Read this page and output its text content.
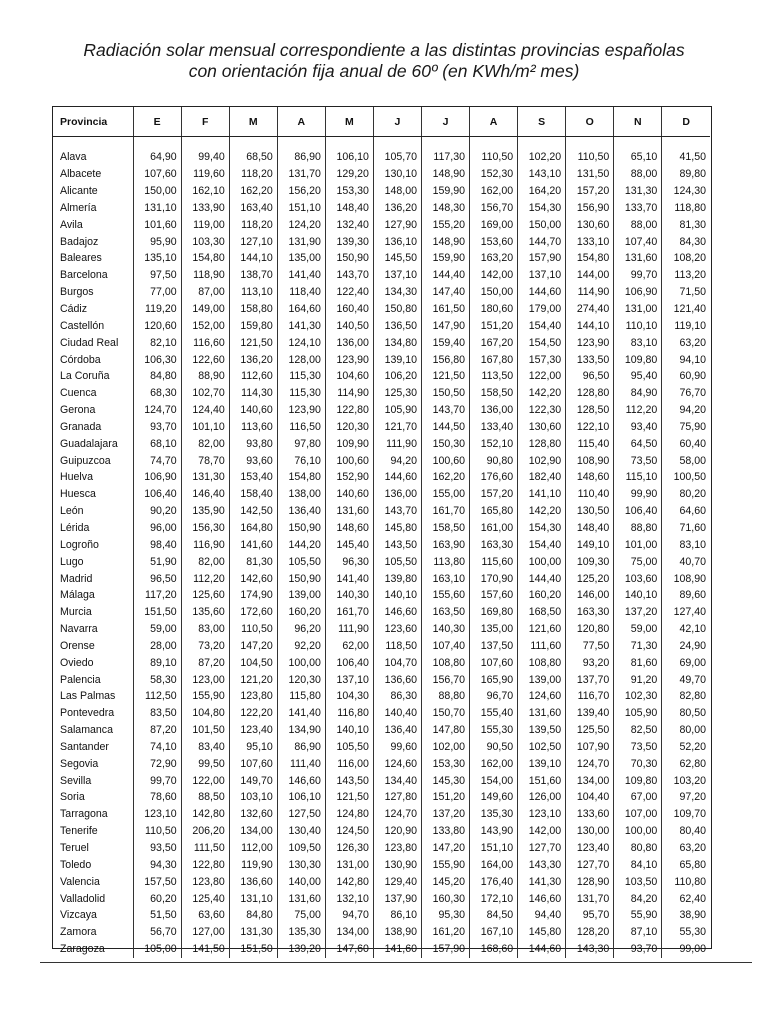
Radiación solar mensual correspondiente a las distintas provincias españolas
con orientación fija anual de 60º (en KWh/m² mes)
Provincia	E	F	M	A	M	J	J	A	S	O	N	D

Alava	64,90	99,40	68,50	86,90	106,10	105,70	117,30	110,50	102,20	110,50	65,10	41,50
Albacete	107,60	119,60	118,20	131,70	129,20	130,10	148,90	152,30	143,10	131,50	88,00	89,80
Alicante	150,00	162,10	162,20	156,20	153,30	148,00	159,90	162,00	164,20	157,20	131,30	124,30
Almería	131,10	133,90	163,40	151,10	148,40	136,20	148,30	156,70	154,30	156,90	133,70	118,80
Avila	101,60	119,00	118,20	124,20	132,40	127,90	155,20	169,00	150,00	130,60	88,00	81,30
Badajoz	95,90	103,30	127,10	131,90	139,30	136,10	148,90	153,60	144,70	133,10	107,40	84,30
Baleares	135,10	154,80	144,10	135,00	150,90	145,50	159,90	163,20	157,90	154,80	131,60	108,20
Barcelona	97,50	118,90	138,70	141,40	143,70	137,10	144,40	142,00	137,10	144,00	99,70	113,20
Burgos	77,00	87,00	113,10	118,40	122,40	134,30	147,40	150,00	144,60	114,90	106,90	71,50
Cádiz	119,20	149,00	158,80	164,60	160,40	150,80	161,50	180,60	179,00	274,40	131,00	121,40
Castellón	120,60	152,00	159,80	141,30	140,50	136,50	147,90	151,20	154,40	144,10	110,10	119,10
Ciudad Real	82,10	116,60	121,50	124,10	136,00	134,80	159,40	167,20	154,50	123,90	83,10	63,20
Córdoba	106,30	122,60	136,20	128,00	123,90	139,10	156,80	167,80	157,30	133,50	109,80	94,10
La Coruña	84,80	88,90	112,60	115,30	104,60	106,20	121,50	113,50	122,00	96,50	95,40	60,90
Cuenca	68,30	102,70	114,30	115,30	114,90	125,30	150,50	158,50	142,20	128,80	84,90	76,70
Gerona	124,70	124,40	140,60	123,90	122,80	105,90	143,70	136,00	122,30	128,50	112,20	94,20
Granada	93,70	101,10	113,60	116,50	120,30	121,70	144,50	133,40	130,60	122,10	93,40	75,90
Guadalajara	68,10	82,00	93,80	97,80	109,90	111,90	150,30	152,10	128,80	115,40	64,50	60,40
Guipuzcoa	74,70	78,70	93,60	76,10	100,60	94,20	100,60	90,80	102,90	108,90	73,50	58,00
Huelva	106,90	131,30	153,40	154,80	152,90	144,60	162,20	176,60	182,40	148,60	115,10	100,50
Huesca	106,40	146,40	158,40	138,00	140,60	136,00	155,00	157,20	141,10	110,40	99,90	80,20
León	90,20	135,90	142,50	136,40	131,60	143,70	161,70	165,80	142,20	130,50	106,40	64,60
Lérida	96,00	156,30	164,80	150,90	148,60	145,80	158,50	161,00	154,30	148,40	88,80	71,60
Logroño	98,40	116,90	141,60	144,20	145,40	143,50	163,90	163,30	154,40	149,10	101,00	83,10
Lugo	51,90	82,00	81,30	105,50	96,30	105,50	113,80	115,60	100,00	109,30	75,00	40,70
Madrid	96,50	112,20	142,60	150,90	141,40	139,80	163,10	170,90	144,40	125,20	103,60	108,90
Málaga	117,20	125,60	174,90	139,00	140,30	140,10	155,60	157,60	160,20	146,00	140,10	89,60
Murcia	151,50	135,60	172,60	160,20	161,70	146,60	163,50	169,80	168,50	163,30	137,20	127,40
Navarra	59,00	83,00	110,50	96,20	111,90	123,60	140,30	135,00	121,60	120,80	59,00	42,10
Orense	28,00	73,20	147,20	92,20	62,00	118,50	107,40	137,50	111,60	77,50	71,30	24,90
Oviedo	89,10	87,20	104,50	100,00	106,40	104,70	108,80	107,60	108,80	93,20	81,60	69,00
Palencia	58,30	123,00	121,20	120,30	137,10	136,60	156,70	165,90	139,00	137,70	91,20	49,70
Las Palmas	112,50	155,90	123,80	115,80	104,30	86,30	88,80	96,70	124,60	116,70	102,30	82,80
Pontevedra	83,50	104,80	122,20	141,40	116,80	140,40	150,70	155,40	131,60	139,40	105,90	80,50
Salamanca	87,20	101,50	123,40	134,90	140,10	136,40	147,80	155,30	139,50	125,50	82,50	80,00
Santander	74,10	83,40	95,10	86,90	105,50	99,60	102,00	90,50	102,50	107,90	73,50	52,20
Segovia	72,90	99,50	107,60	111,40	116,00	124,60	153,30	162,00	139,10	124,70	70,30	62,80
Sevilla	99,70	122,00	149,70	146,60	143,50	134,40	145,30	154,00	151,60	134,00	109,80	103,20
Soria	78,60	88,50	103,10	106,10	121,50	127,80	151,20	149,60	126,00	104,40	67,00	97,20
Tarragona	123,10	142,80	132,60	127,50	124,80	124,70	137,20	135,30	123,10	133,60	107,00	109,70
Tenerife	110,50	206,20	134,00	130,40	124,50	120,90	133,80	143,90	142,00	130,00	100,00	80,40
Teruel	93,50	111,50	112,00	109,50	126,30	123,80	147,20	151,10	127,70	123,40	80,80	63,20
Toledo	94,30	122,80	119,90	130,30	131,00	130,90	155,90	164,00	143,30	127,70	84,10	65,80
Valencia	157,50	123,80	136,60	140,00	142,80	129,40	145,20	176,40	141,30	128,90	103,50	110,80
Valladolid	60,20	125,40	131,10	131,60	132,10	137,90	160,30	172,10	146,60	131,70	84,20	62,40
Vizcaya	51,50	63,60	84,80	75,00	94,70	86,10	95,30	84,50	94,40	95,70	55,90	38,90
Zamora	56,70	127,00	131,30	135,30	134,00	138,90	161,20	167,10	145,80	128,20	87,10	55,30
Zaragoza	105,00	141,50	151,50	139,20	147,60	141,60	157,90	168,60	144,60	143,30	93,70	99,00
